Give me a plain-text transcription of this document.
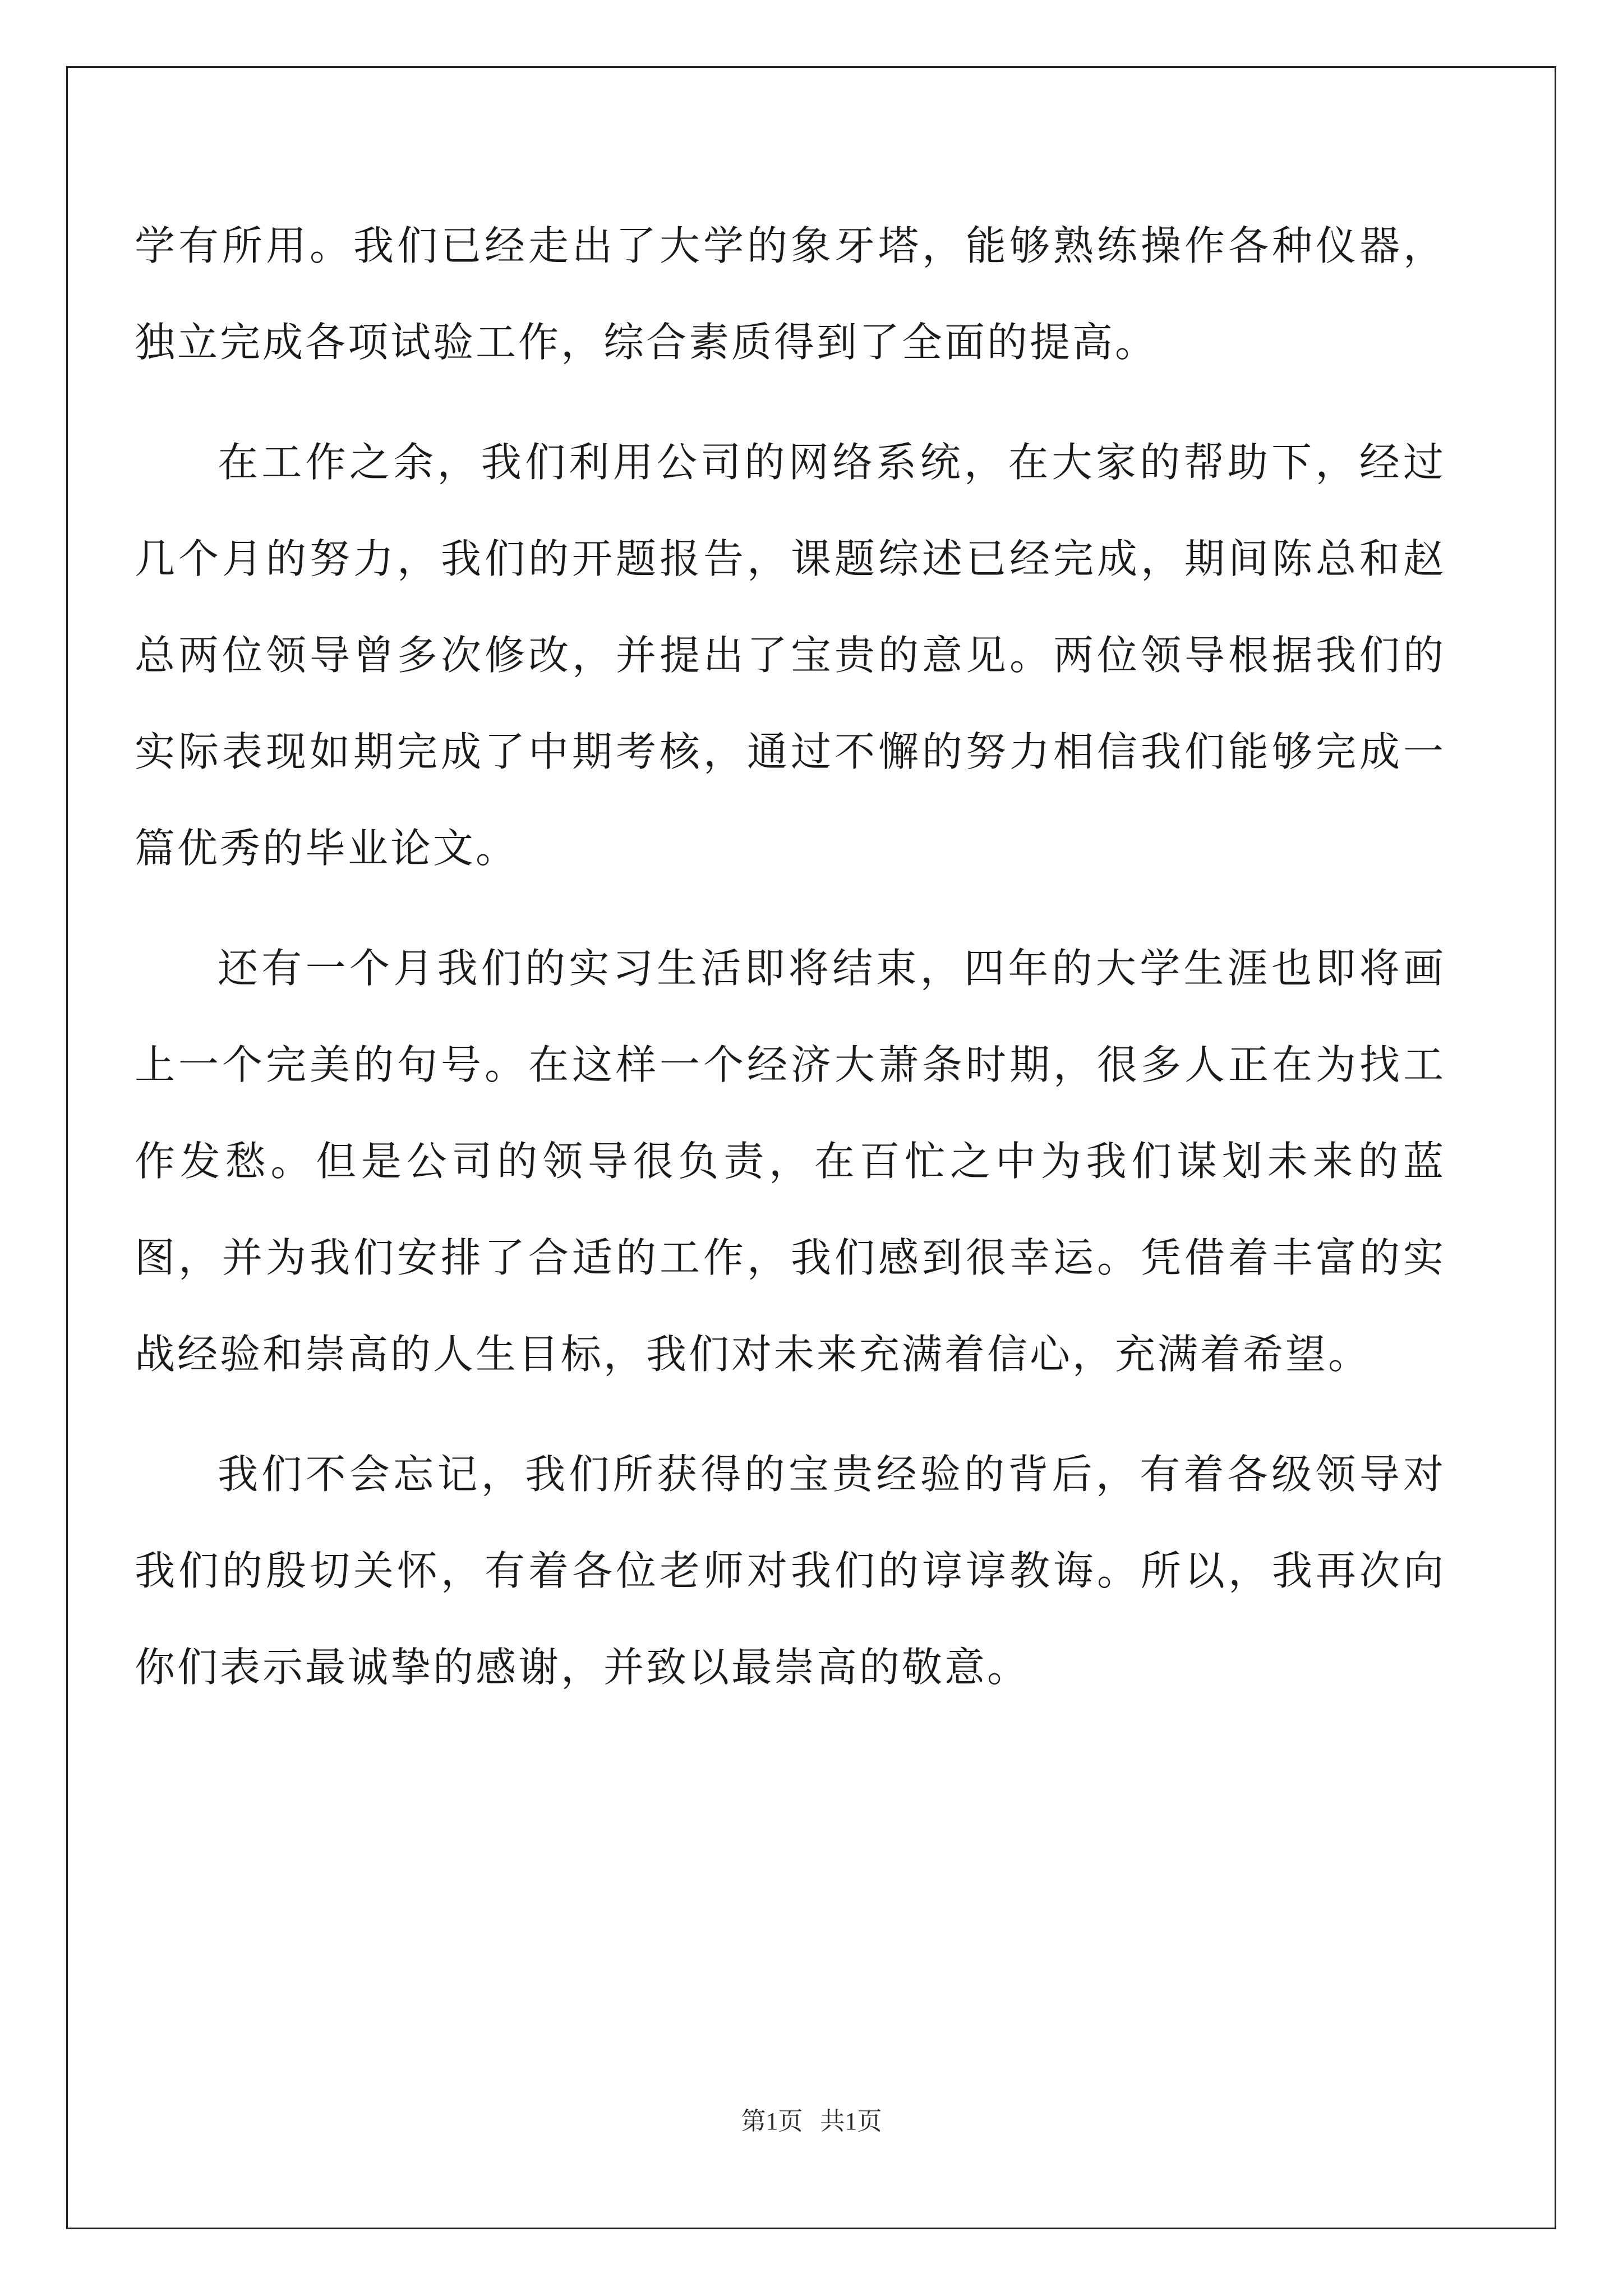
学有所用。我们已经走出了大学的象牙塔，能够熟练操作各种仪器，独立完成各项试验工作，综合素质得到了全面的提高。

在工作之余，我们利用公司的网络系统，在大家的帮助下，经过几个月的努力，我们的开题报告，课题综述已经完成，期间陈总和赵总两位领导曾多次修改，并提出了宝贵的意见。两位领导根据我们的实际表现如期完成了中期考核，通过不懈的努力相信我们能够完成一篇优秀的毕业论文。

还有一个月我们的实习生活即将结束，四年的大学生涯也即将画上一个完美的句号。在这样一个经济大萧条时期，很多人正在为找工作发愁。但是公司的领导很负责，在百忙之中为我们谋划未来的蓝图，并为我们安排了合适的工作，我们感到很幸运。凭借着丰富的实战经验和崇高的人生目标，我们对未来充满着信心，充满着希望。

我们不会忘记，我们所获得的宝贵经验的背后，有着各级领导对我们的殷切关怀，有着各位老师对我们的谆谆教诲。所以，我再次向你们表示最诚挚的感谢，并致以最崇高的敬意。

第1页 共1页
